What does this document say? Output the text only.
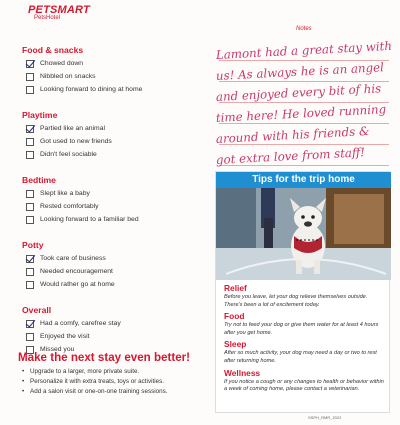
PETSMART
PetsHotel
Food & snacks
Chowed down
Nibbled on snacks
Looking forward to dining at home
Playtime
Partied like an animal
Got used to new friends
Didn't feel sociable
Bedtime
Slept like a baby
Rested comfortably
Looking forward to a familiar bed
Potty
Took care of business
Needed encouragement
Would rather go at home
Overall
Had a comfy, carefree stay
Enjoyed the visit
Missed you
Make the next stay even better!
• Upgrade to a larger, more private suite.
• Personalize it with extra treats, toys or activities.
• Add a salon visit or one-on-one training sessions.
Notes
Lamont had a great stay with
us! As always he is an angel
and enjoyed every bit of his
time here! He loved running
around with his friends &
got extra love from staff!
Tips for the trip home
Relief
Before you leave, let your dog relieve themselves outside. There's been a lot of excitement today.
Food
Try not to feed your dog or give them water for at least 4 hours after you get home.
Sleep
After so much activity, your dog may need a day or two to rest after returning home.
Wellness
If you notice a cough or any changes to health or behavior within a week of coming home, please contact a veterinarian.
SSPH_RMR_2022
